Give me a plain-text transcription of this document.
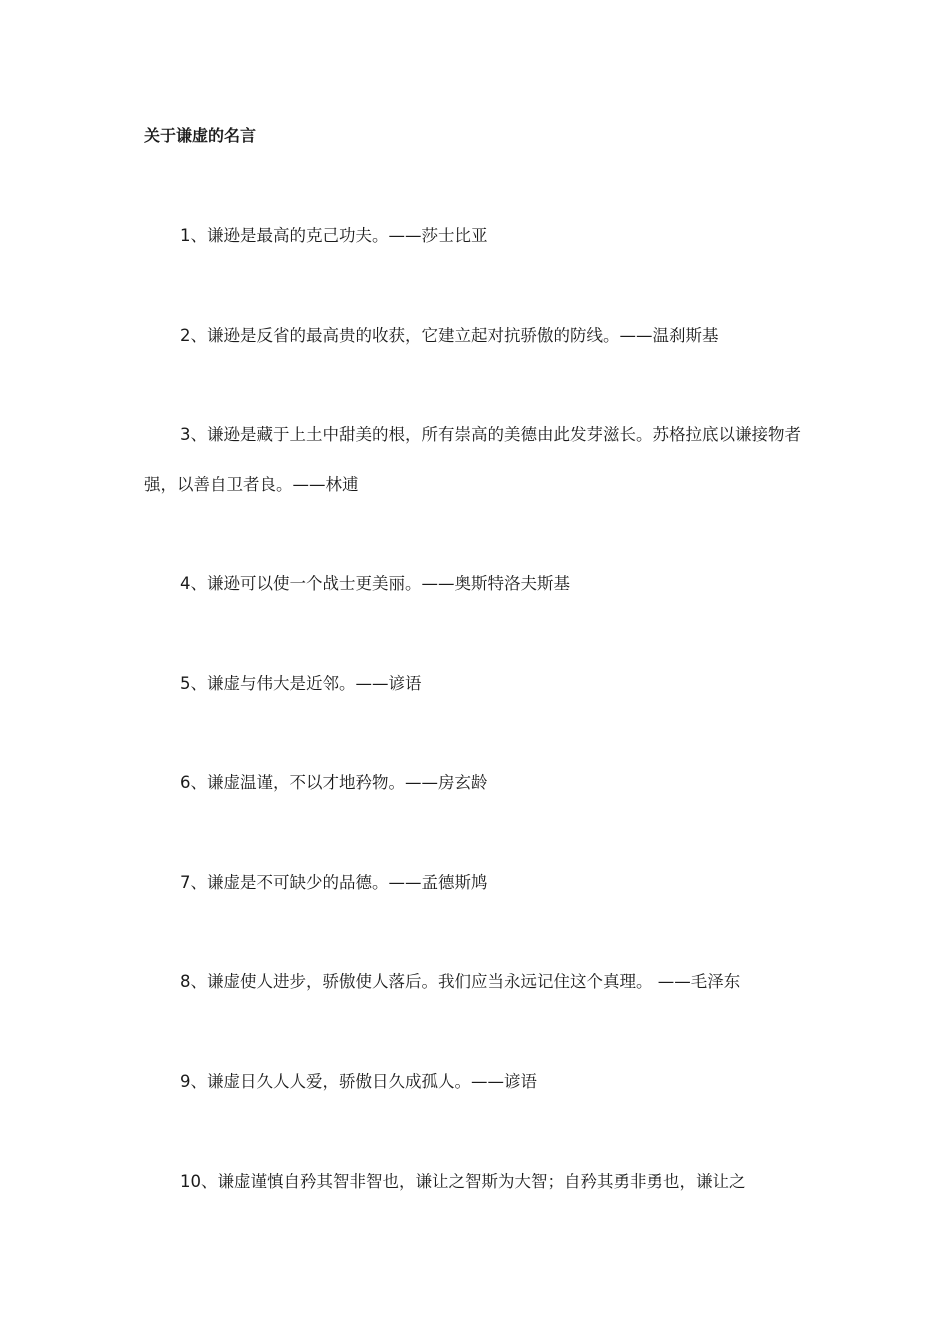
关于谦虚的名言

1、谦逊是最高的克己功夫。——莎士比亚

2、谦逊是反省的最高贵的收获，它建立起对抗骄傲的防线。——温刹斯基

3、谦逊是藏于上土中甜美的根，所有崇高的美德由此发芽滋长。苏格拉底以谦接物者强，以善自卫者良。——林逋

4、谦逊可以使一个战士更美丽。——奥斯特洛夫斯基

5、谦虚与伟大是近邻。——谚语

6、谦虚温谨，不以才地矜物。——房玄龄

7、谦虚是不可缺少的品德。——孟德斯鸠

8、谦虚使人进步，骄傲使人落后。我们应当永远记住这个真理。 ——毛泽东

9、谦虚日久人人爱，骄傲日久成孤人。——谚语

10、谦虚谨慎自矜其智非智也，谦让之智斯为大智；自矜其勇非勇也，谦让之
